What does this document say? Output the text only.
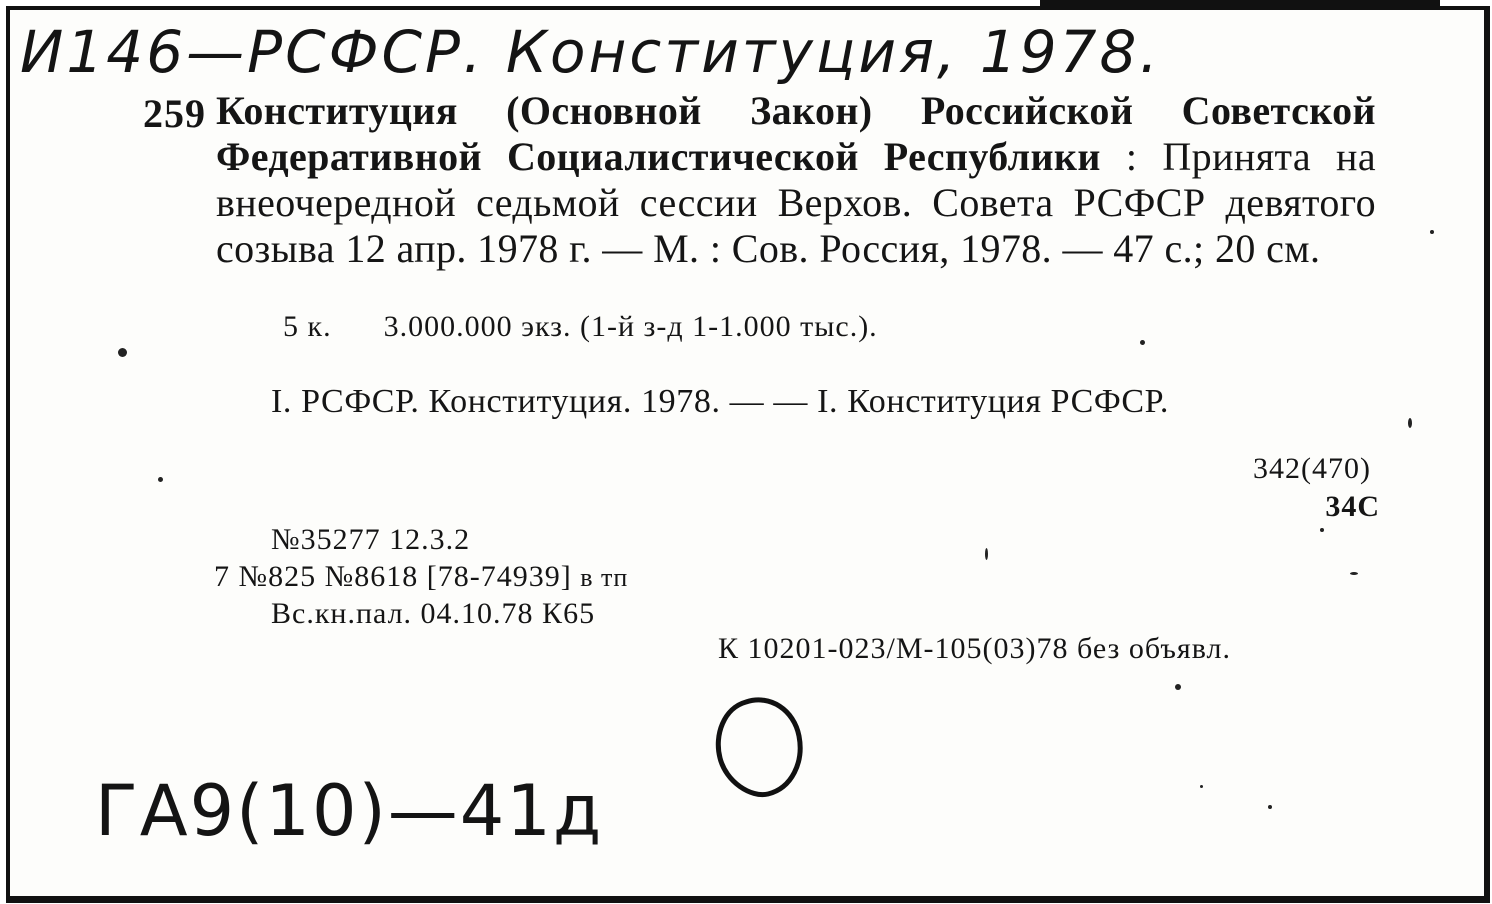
И146—РСФСР. Конституция, 1978.
259 Конституция (Основной Закон) Российской Советской Федеративной Социалистической Республики : Принята на внеочередной седьмой сессии Верхов. Совета РСФСР девятого созыва 12 апр. 1978 г. — М. : Сов. Россия, 1978. — 47 с.; 20 см.
5 к. 3.000.000 экз. (1-й з-д 1-1.000 тыс.).
I. РСФСР. Конституция. 1978. — — I. Конституция РСФСР.
342(470)
34С
№35277 12.3.2
7 №825 №8618 [78-74939] в тп
Вс.кн.пал. 04.10.78 К65
К 10201-023/М-105(03)78 без объявл.
ГА9(10)—41д
